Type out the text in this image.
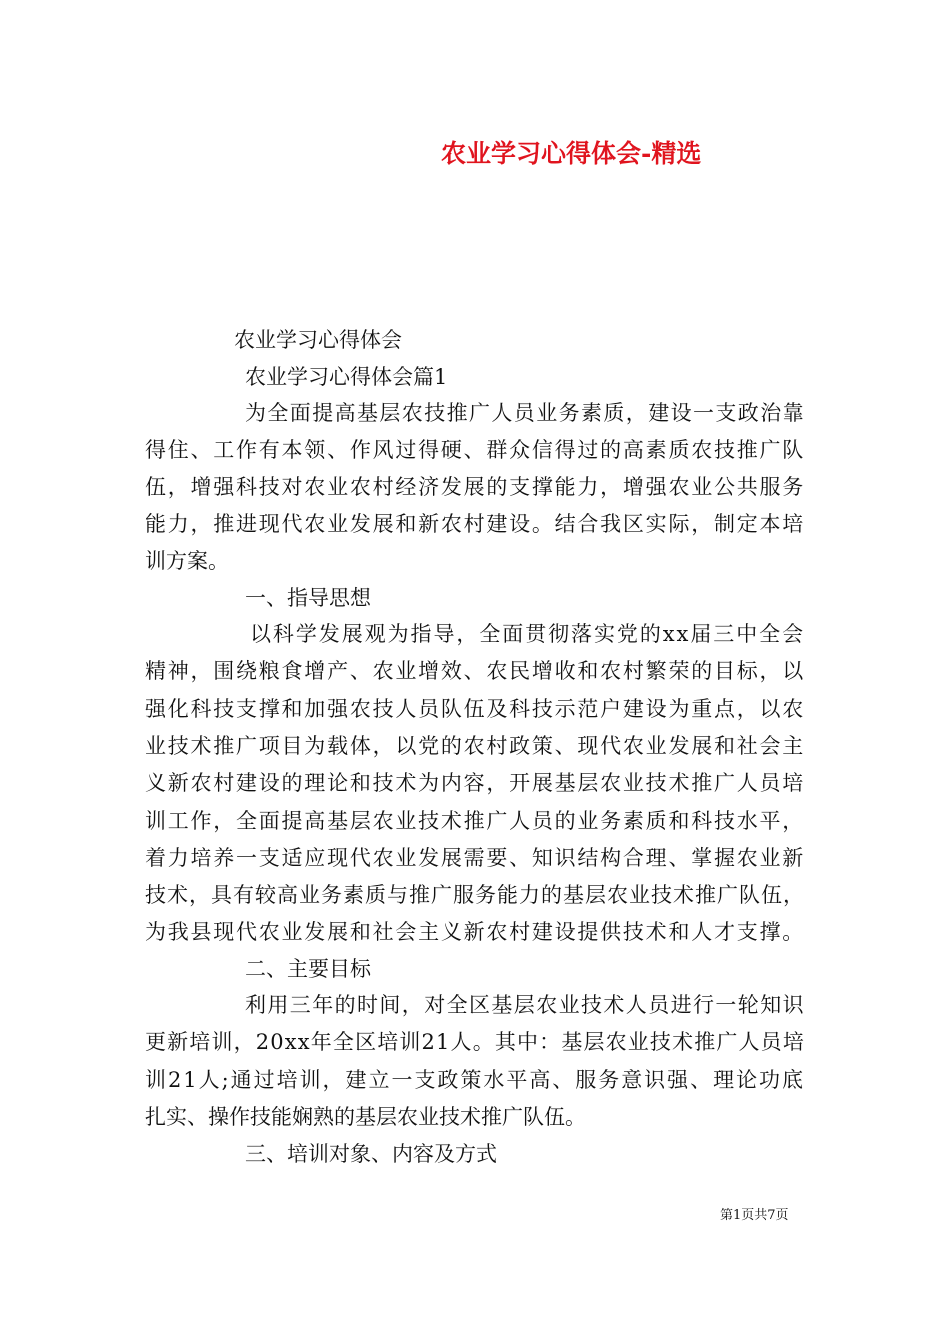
农业学习心得体会-精选
农业学习心得体会
农业学习心得体会篇1
为全面提高基层农技推广人员业务素质，建设一支政治靠
得住、工作有本领、作风过得硬、群众信得过的高素质农技推广队
伍，增强科技对农业农村经济发展的支撑能力，增强农业公共服务
能力，推进现代农业发展和新农村建设。结合我区实际，制定本培
训方案。
一、指导思想
以科学发展观为指导，全面贯彻落实党的xx届三中全会
精神，围绕粮食增产、农业增效、农民增收和农村繁荣的目标，以
强化科技支撑和加强农技人员队伍及科技示范户建设为重点，以农
业技术推广项目为载体，以党的农村政策、现代农业发展和社会主
义新农村建设的理论和技术为内容，开展基层农业技术推广人员培
训工作，全面提高基层农业技术推广人员的业务素质和科技水平，
着力培养一支适应现代农业发展需要、知识结构合理、掌握农业新
技术，具有较高业务素质与推广服务能力的基层农业技术推广队伍，
为我县现代农业发展和社会主义新农村建设提供技术和人才支撑。
二、主要目标
利用三年的时间，对全区基层农业技术人员进行一轮知识
更新培训，20xx年全区培训21人。其中：基层农业技术推广人员培
训21人;通过培训，建立一支政策水平高、服务意识强、理论功底
扎实、操作技能娴熟的基层农业技术推广队伍。
三、培训对象、内容及方式
第1页共7页
